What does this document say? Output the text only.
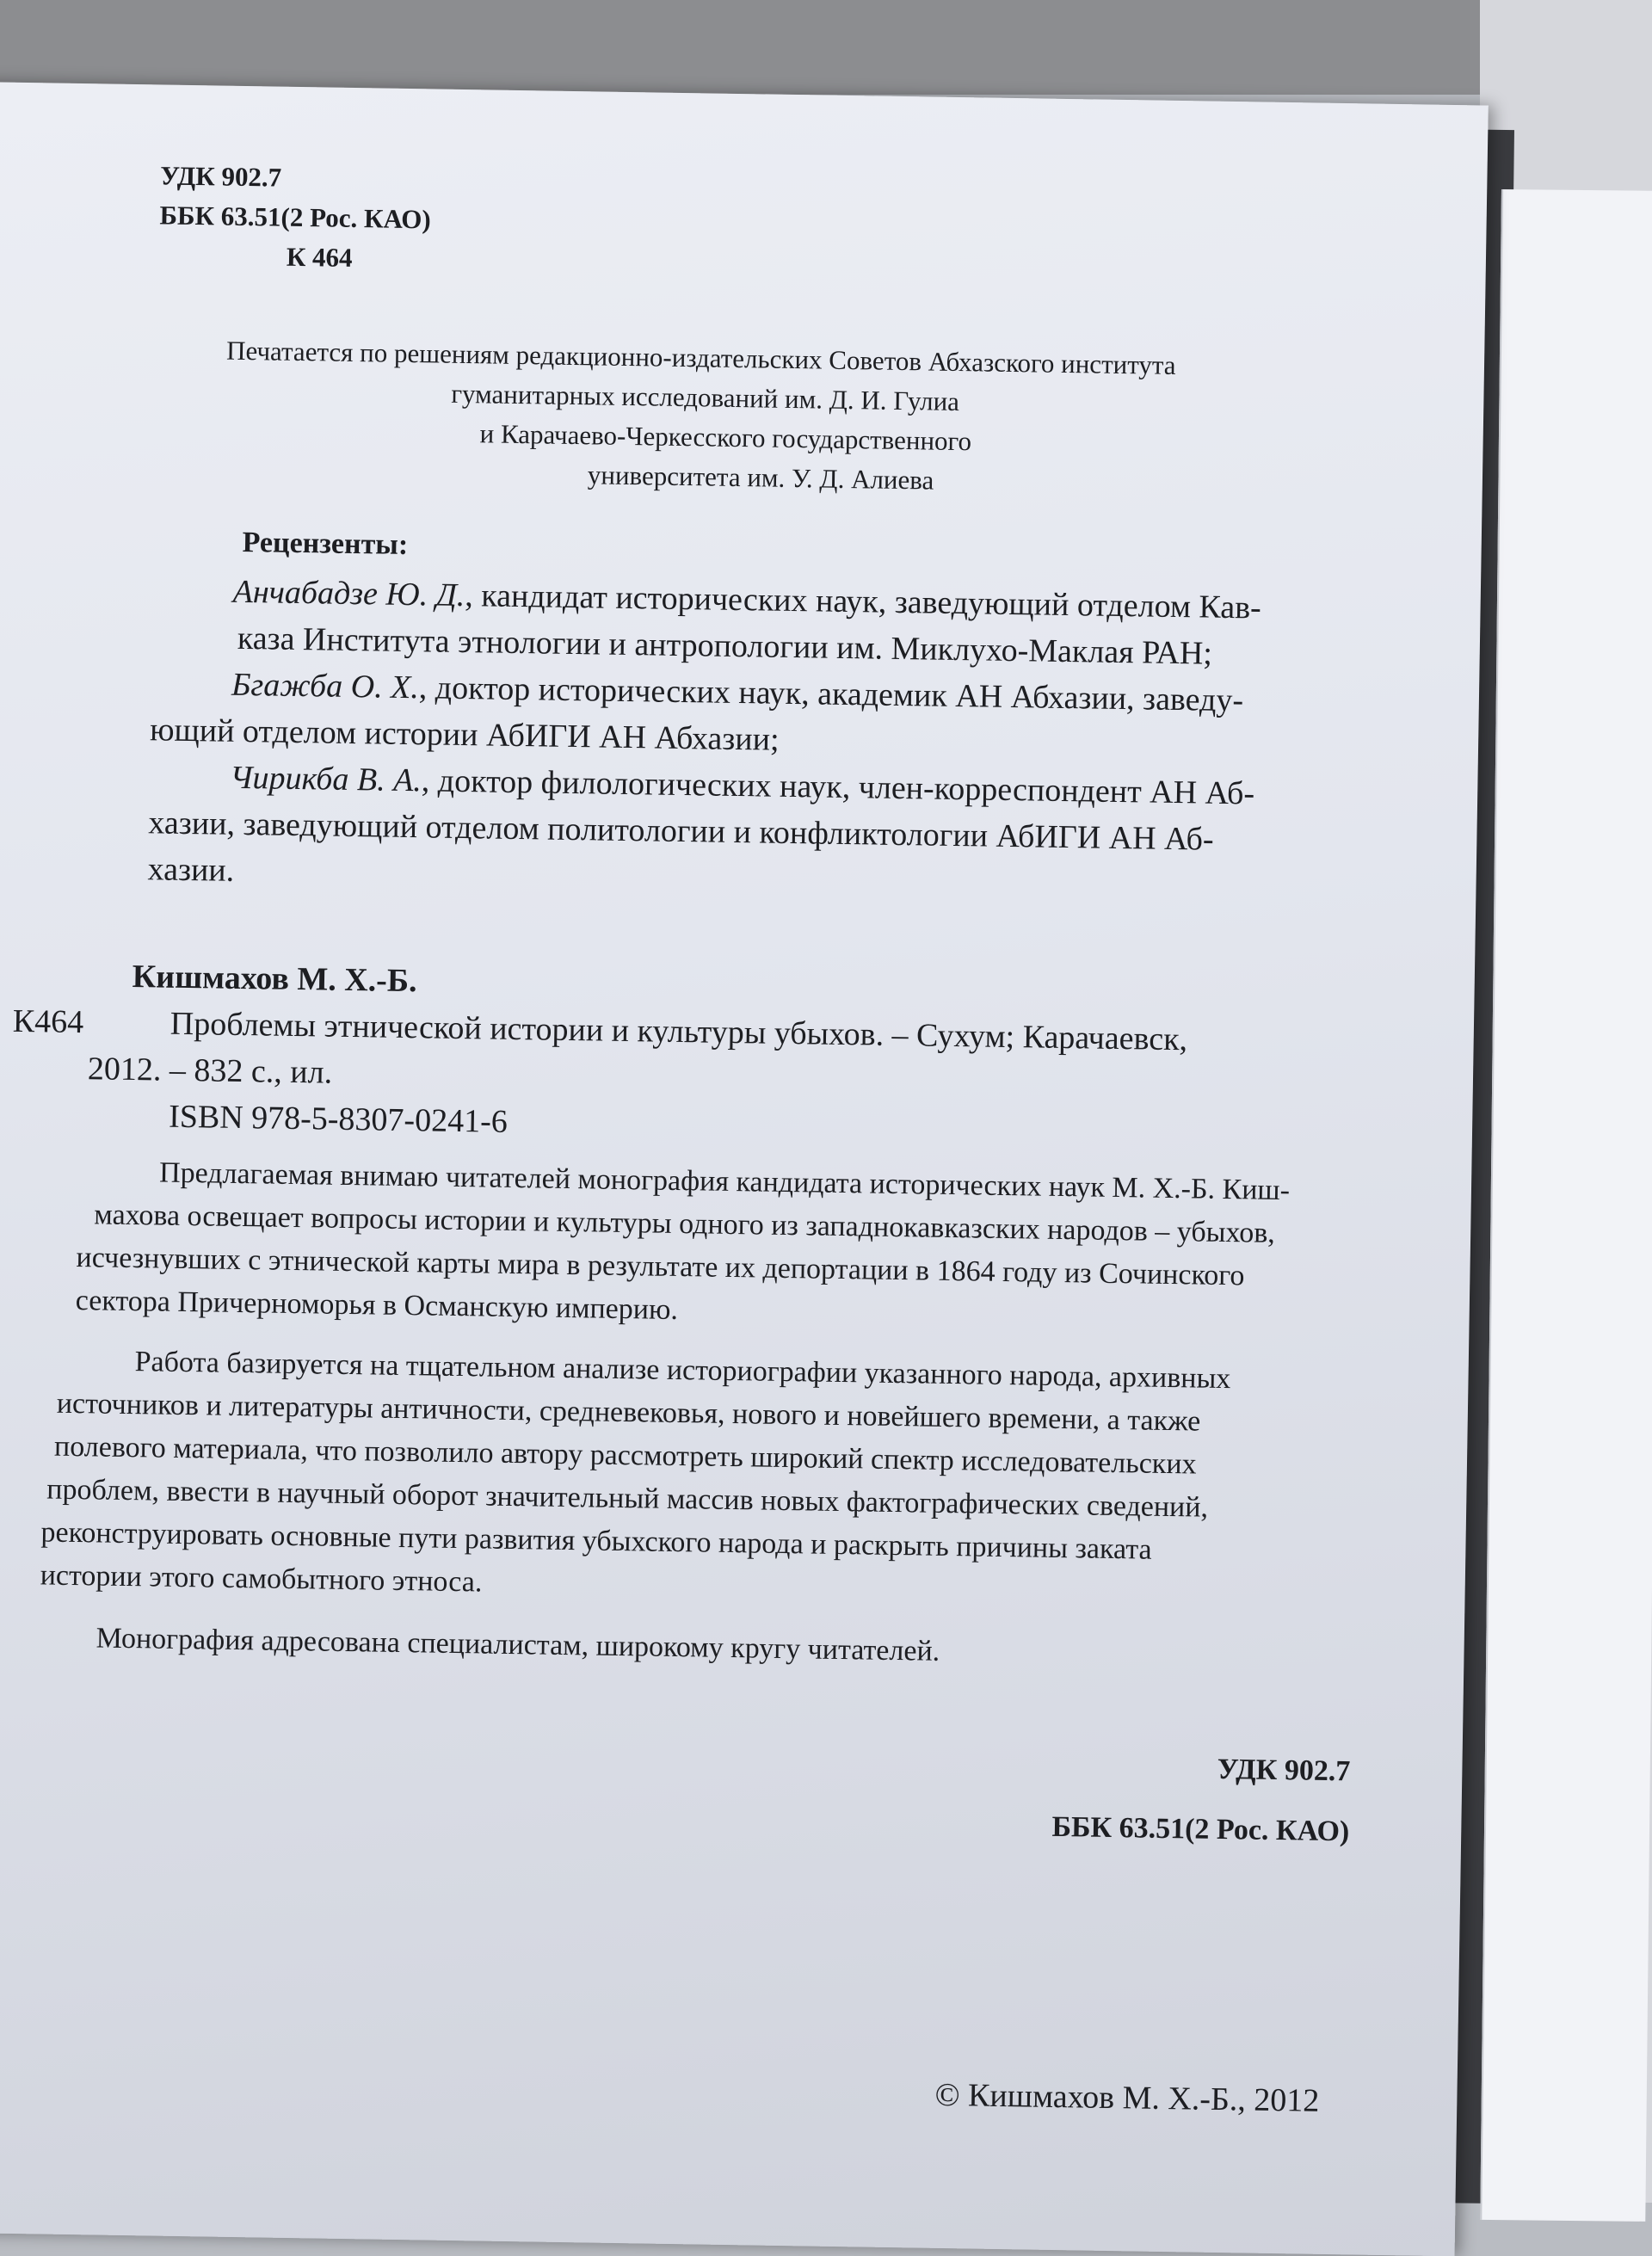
УДК 902.7

ББК 63.51(2 Рос. КАО)

К 464

Печатается по решениям редакционно-издательских Советов Абхазского института

гуманитарных исследований им. Д. И. Гулиа

и Карачаево-Черкесского государственного

университета им. У. Д. Алиева

Рецензенты:

Анчабадзе Ю. Д., кандидат исторических наук, заведующий отделом Кав-

каза Института этнологии и антропологии им. Миклухо-Маклая РАН;

Бгажба О. Х., доктор исторических наук, академик АН Абхазии, заведу-

ющий отделом истории АбИГИ АН Абхазии;

Чирикба В. А., доктор филологических наук, член-корреспондент АН Аб-

хазии, заведующий отделом политологии и конфликтологии АбИГИ АН Аб-

хазии.

Кишмахов М. Х.-Б.

К464	Проблемы этнической истории и культуры убыхов. – Сухум; Карачаевск,

2012. – 832 с., ил.

ISBN 978-5-8307-0241-6

Предлагаемая внимаю читателей монография кандидата исторических наук М. Х.-Б. Киш-

махова освещает вопросы истории и культуры одного из западнокавказских народов – убыхов,

исчезнувших с этнической карты мира в результате их депортации в 1864 году из Сочинского

сектора Причерноморья в Османскую империю.

Работа базируется на тщательном анализе историографии указанного народа, архивных

источников и литературы античности, средневековья, нового и новейшего времени, а также

полевого материала, что позволило автору рассмотреть широкий спектр исследовательских

проблем, ввести в научный оборот значительный массив новых фактографических сведений,

реконструировать основные пути развития убыхского народа и раскрыть причины заката

истории этого самобытного этноса.

Монография адресована специалистам, широкому кругу читателей.

УДК 902.7

ББК 63.51(2 Рос. КАО)

© Кишмахов М. Х.-Б., 2012
